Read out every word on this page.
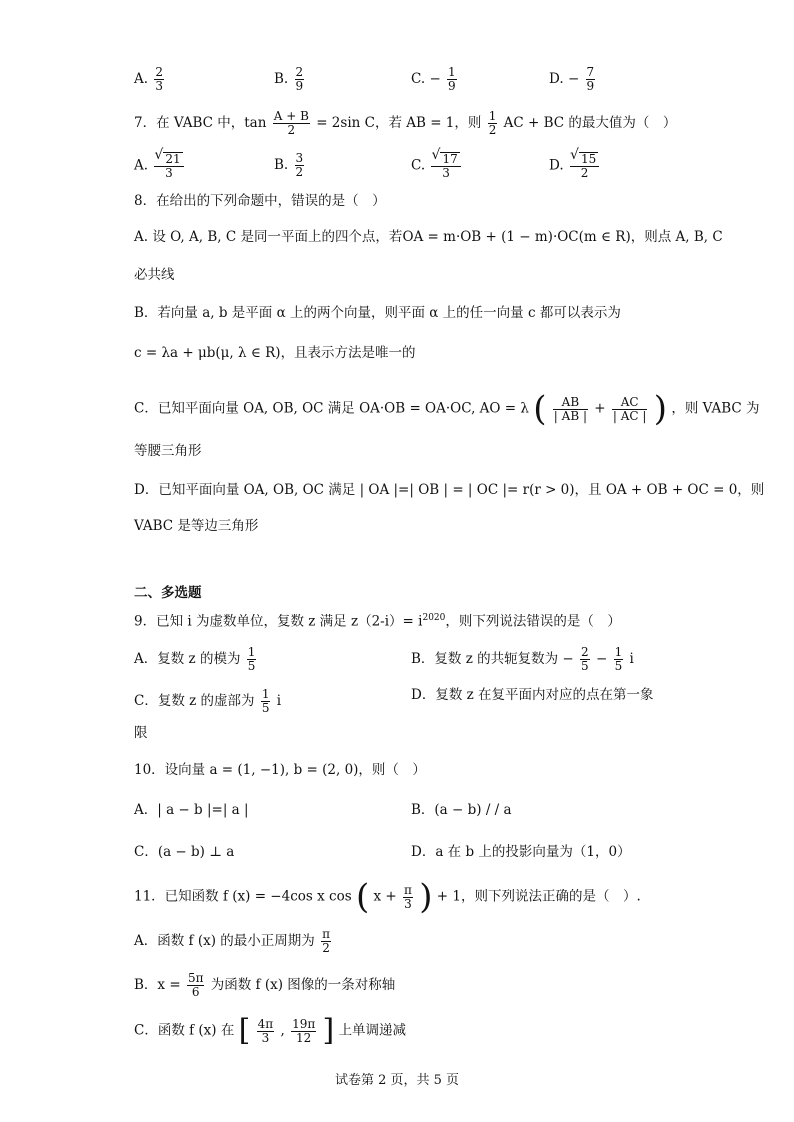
A. $\frac{2}{3}$	B. $\frac{2}{9}$	C. − $\frac{1}{9}$	D. − $\frac{7}{9}$
7．在 VABC 中，$\tan \frac{A + B}{2} = 2\sin$ C，若 AB = 1，则 $\frac{1}{2}$ AC + BC 的最大值为（　）
A. √ $\frac{21}{3}$	B. $\frac{3}{2}$	C. √ $\frac{17}{3}$	D. √ $\frac{15}{2}$
8．在给出的下列命题中，错误的是（　）
A. 设 O, A, B, C 是同一平面上的四个点，若OA = m·OB + (1 − m)·OC(m ∈ R)，则点 A, B, C
必共线
B．若向量 a, b 是平面 α 上的两个向量，则平面 α 上的任一向量 c 都可以表示为
c = λa + μb(μ, λ ∈ R)，且表示方法是唯一的
C．已知平面向量 OA, OB, OC 满足 OA·OB = OA·OC, AO = λ ( $\frac{AB}{| AB |} + \frac{AC}{| AC |}$ ) ，则 VABC 为
等腰三角形
D．已知平面向量 OA, OB, OC 满足 | OA |=| OB | = | OC |= r(r > 0)，且 OA + OB + OC = 0，则
VABC 是等边三角形
二、多选题
9．已知 i 为虚数单位，复数 z 满足 $z(2-i)= i^{2020}$，则下列说法错误的是（　）
A．复数 z 的模为 $\frac{1}{5}$	B．复数 z 的共轭复数为 − $\frac{2}{5} - \frac{1}{5}$ i
C．复数 z 的虚部为 $\frac{1}{5}$ i	D．复数 z 在复平面内对应的点在第一象
限
10．设向量 a = (1, −1), b = (2, 0)，则（　）
A．| a − b |=| a |	B．(a − b) / / a
C．(a − b) ⊥ a	D．a 在 b 上的投影向量为（1，0）
11．已知函数 f (x) = −4cos x cos ( $x + \frac{\pi}{3}$ ) + 1，则下列说法正确的是（　）.
A．函数 f (x) 的最小正周期为 $\frac{\pi}{2}$
B．$x = \frac{5\pi}{6}$ 为函数 f (x) 图像的一条对称轴
C．函数 f (x) 在 [ $\frac{4\pi}{3}$ , $\frac{19\pi}{12}$ ] 上单调递减
试卷第 2 页，共 5 页
